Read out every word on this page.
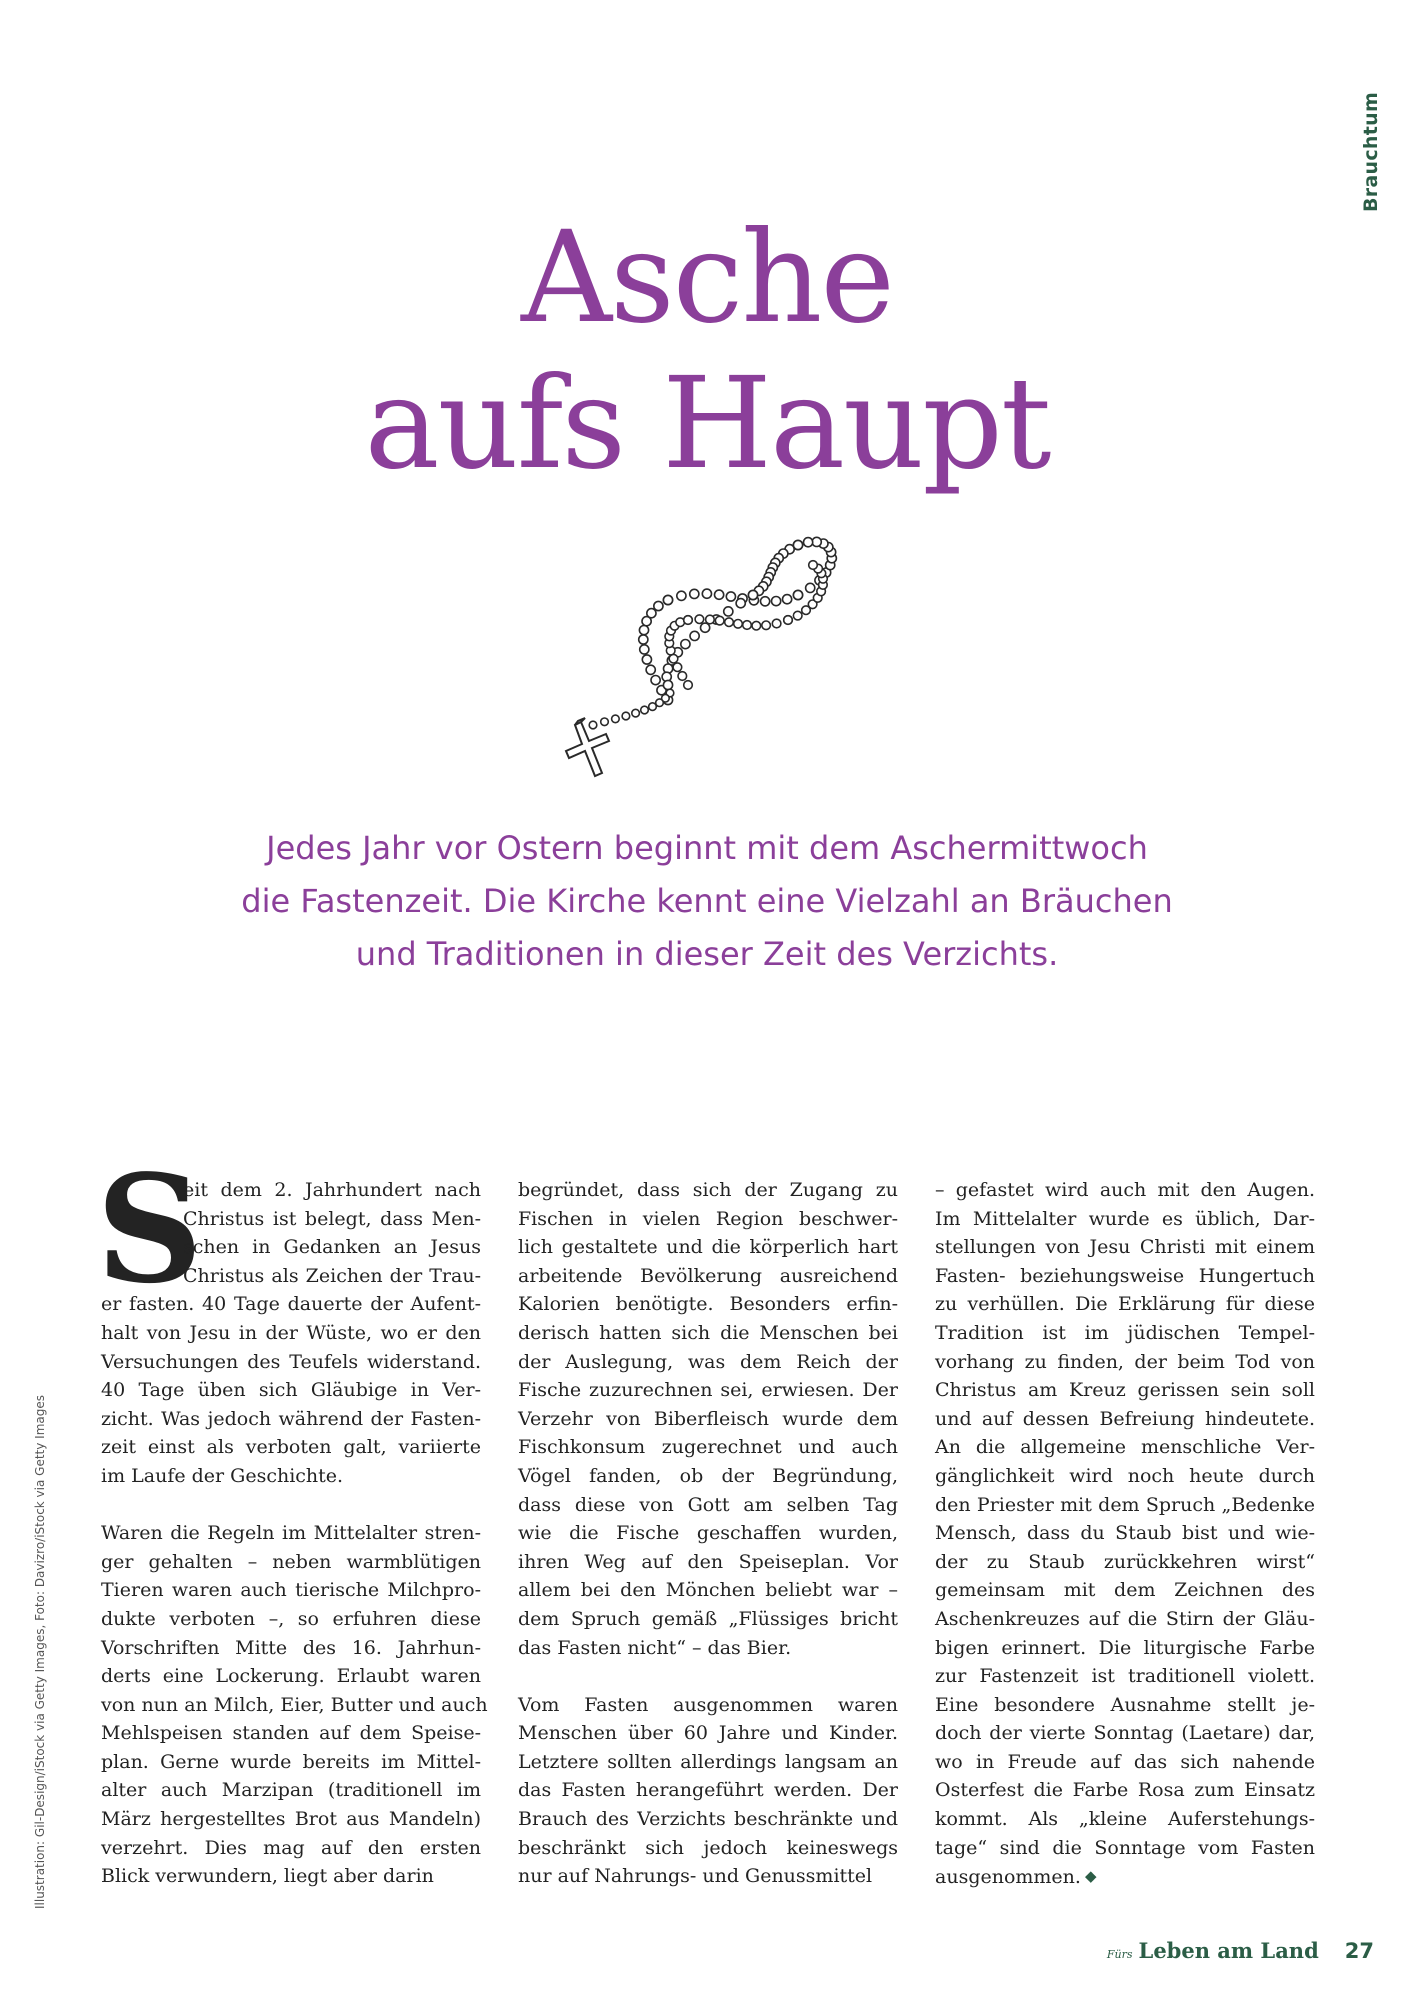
Brauchtum
Asche
aufs Haupt
Jedes Jahr vor Ostern beginnt mit dem Aschermittwoch
die Fastenzeit. Die Kirche kennt eine Vielzahl an Bräuchen
und Traditionen in dieser Zeit des Verzichts.
S
eit dem 2. Jahrhundert nach
Christus ist belegt, dass Men-
schen in Gedanken an Jesus
Christus als Zeichen der Trau-
er fasten. 40 Tage dauerte der Aufent-
halt von Jesu in der Wüste, wo er den
Versuchungen des Teufels widerstand.
40 Tage üben sich Gläubige in Ver-
zicht. Was jedoch während der Fasten-
zeit einst als verboten galt, variierte
im Laufe der Geschichte.
Waren die Regeln im Mittelalter stren-
ger gehalten – neben warmblütigen
Tieren waren auch tierische Milchpro-
dukte verboten –, so erfuhren diese
Vorschriften Mitte des 16. Jahrhun-
derts eine Lockerung. Erlaubt waren
von nun an Milch, Eier, Butter und auch
Mehlspeisen standen auf dem Speise-
plan. Gerne wurde bereits im Mittel-
alter auch Marzipan (traditionell im
März hergestelltes Brot aus Mandeln)
verzehrt. Dies mag auf den ersten
Blick verwundern, liegt aber darin
begründet, dass sich der Zugang zu
Fischen in vielen Region beschwer-
lich gestaltete und die körperlich hart
arbeitende Bevölkerung ausreichend
Kalorien benötigte. Besonders erfin-
derisch hatten sich die Menschen bei
der Auslegung, was dem Reich der
Fische zuzurechnen sei, erwiesen. Der
Verzehr von Biberfleisch wurde dem
Fischkonsum zugerechnet und auch
Vögel fanden, ob der Begründung,
dass diese von Gott am selben Tag
wie die Fische geschaffen wurden,
ihren Weg auf den Speiseplan. Vor
allem bei den Mönchen beliebt war –
dem Spruch gemäß „Flüssiges bricht
das Fasten nicht“ – das Bier.
Vom Fasten ausgenommen waren
Menschen über 60 Jahre und Kinder.
Letztere sollten allerdings langsam an
das Fasten herangeführt werden. Der
Brauch des Verzichts beschränkte und
beschränkt sich jedoch keineswegs
nur auf Nahrungs- und Genussmittel
– gefastet wird auch mit den Augen.
Im Mittelalter wurde es üblich, Dar-
stellungen von Jesu Christi mit einem
Fasten- beziehungsweise Hungertuch
zu verhüllen. Die Erklärung für diese
Tradition ist im jüdischen Tempel-
vorhang zu finden, der beim Tod von
Christus am Kreuz gerissen sein soll
und auf dessen Befreiung hindeutete.
An die allgemeine menschliche Ver-
gänglichkeit wird noch heute durch
den Priester mit dem Spruch „Bedenke
Mensch, dass du Staub bist und wie-
der zu Staub zurückkehren wirst“
gemeinsam mit dem Zeichnen des
Aschenkreuzes auf die Stirn der Gläu-
bigen erinnert. Die liturgische Farbe
zur Fastenzeit ist traditionell violett.
Eine besondere Ausnahme stellt je-
doch der vierte Sonntag (Laetare) dar,
wo in Freude auf das sich nahende
Osterfest die Farbe Rosa zum Einsatz
kommt. Als „kleine Auferstehungs-
tage“ sind die Sonntage vom Fasten
ausgenommen. ◆
Illustration: Gil-Design/iStock via Getty Images, Foto: Davizro/iStock via Getty Images
Fürs Leben am Land 27
